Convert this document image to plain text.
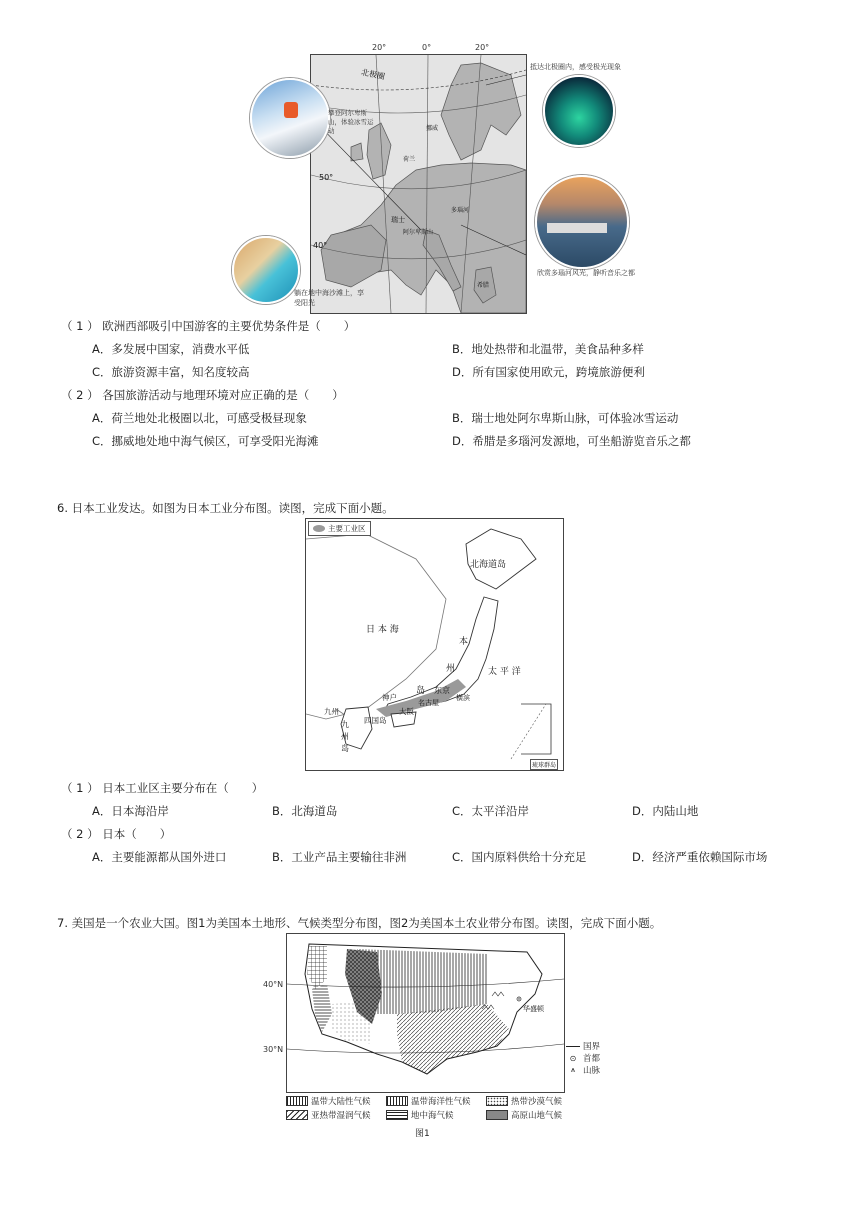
北极圈
挪威
荷兰
瑞士
阿尔卑斯山
多瑙河
希腊
50°
40°
20°	0°	20°
攀登阿尔卑斯山，体验冰雪运动
抵达北极圈内，感受极光现象
欣赏多瑙河风光，静听音乐之都
躺在地中海沙滩上，享受阳光
（ 1 ） 欧洲西部吸引中国游客的主要优势条件是（　　）
A．多发展中国家，消费水平低	B．地处热带和北温带，美食品种多样
C．旅游资源丰富，知名度较高	D．所有国家使用欧元，跨境旅游便利
（ 2 ） 各国旅游活动与地理环境对应正确的是（　　）
A．荷兰地处北极圈以北，可感受极昼现象	B．瑞士地处阿尔卑斯山脉，可体验冰雪运动
C．挪威地处地中海气候区，可享受阳光海滩	D．希腊是多瑙河发源地，可坐船游览音乐之都
6. 日本工业发达。如图为日本工业分布图。读图，完成下面小题。
主要工业区
日 本 海
太 平 洋
北海道岛
本
州
岛 东京
横滨
名古屋
神户
大阪
九州
九
州
岛
四国岛
琉球群岛
（ 1 ） 日本工业区主要分布在（　　）
A．日本海沿岸	B．北海道岛	C．太平洋沿岸	D．内陆山地
（ 2 ） 日本（　　）
A．主要能源都从国外进口	B．工业产品主要输往非洲	C．国内原料供给十分充足	D．经济严重依赖国际市场
7. 美国是一个农业大国。图1为美国本土地形、气候类型分布图，图2为美国本土农业带分布图。读图，完成下面小题。
华盛顿
40°N
30°N	国界
⊙ 首都
⩚ 山脉
温带大陆性气候	温带海洋性气候	热带沙漠气候
亚热带湿润气候	地中海气候	高原山地气候
图1
